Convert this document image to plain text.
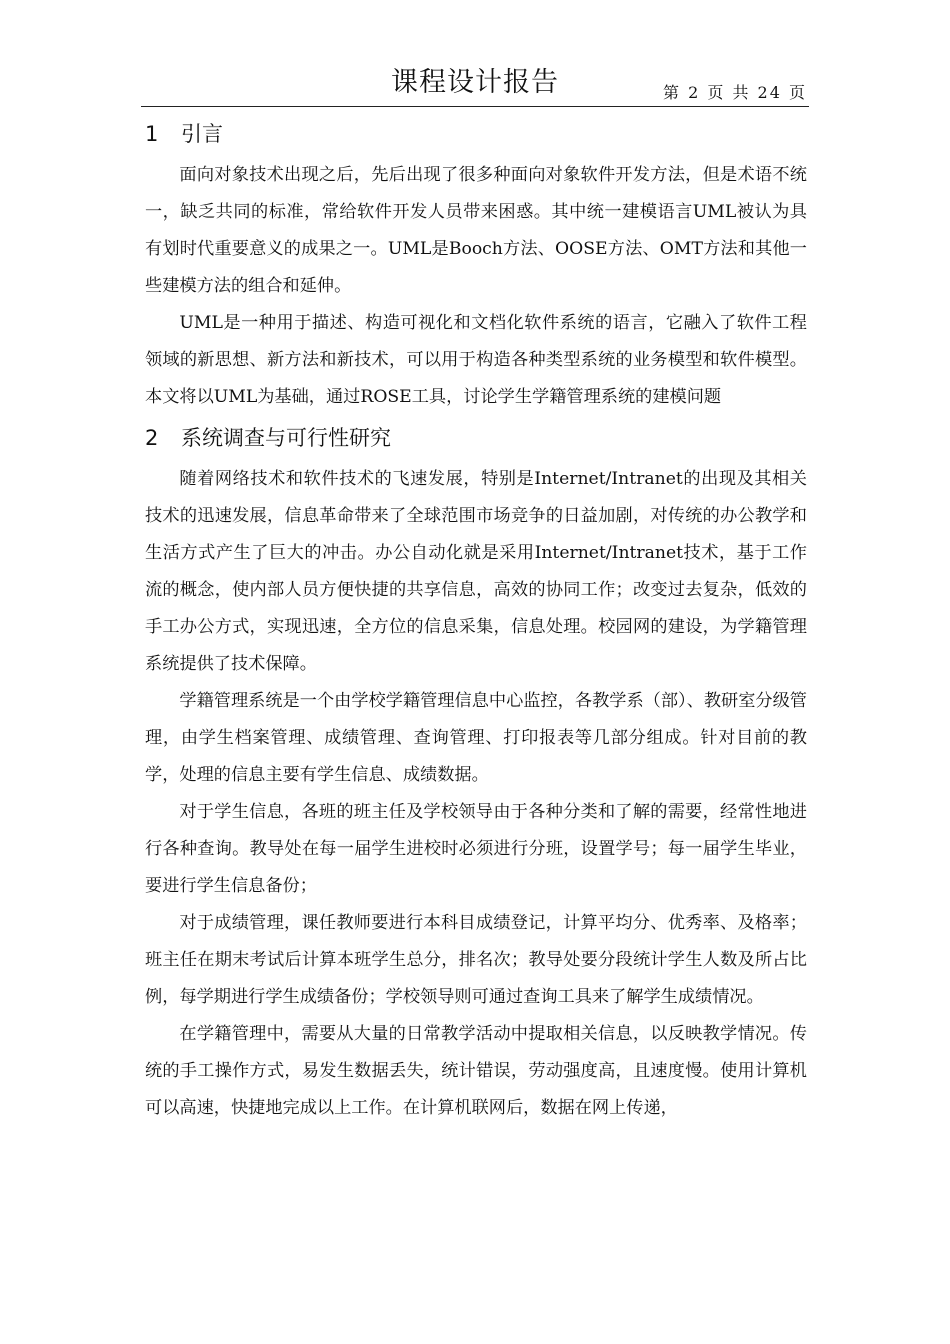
课程设计报告	第 2 页 共 24 页
1 引言

面向对象技术出现之后，先后出现了很多种面向对象软件开发方法，但是术语不统一，缺乏共同的标准，常给软件开发人员带来困惑。其中统一建模语言UML被认为具有划时代重要意义的成果之一。UML是Booch方法、OOSE方法、OMT方法和其他一些建模方法的组合和延伸。

UML是一种用于描述、构造可视化和文档化软件系统的语言，它融入了软件工程领域的新思想、新方法和新技术，可以用于构造各种类型系统的业务模型和软件模型。本文将以UML为基础，通过ROSE工具，讨论学生学籍管理系统的建模问题

2 系统调查与可行性研究

随着网络技术和软件技术的飞速发展，特别是Internet/Intranet的出现及其相关技术的迅速发展，信息革命带来了全球范围市场竞争的日益加剧，对传统的办公教学和生活方式产生了巨大的冲击。办公自动化就是采用Internet/Intranet技术，基于工作流的概念，使内部人员方便快捷的共享信息，高效的协同工作；改变过去复杂，低效的手工办公方式，实现迅速，全方位的信息采集，信息处理。校园网的建设，为学籍管理系统提供了技术保障。

学籍管理系统是一个由学校学籍管理信息中心监控，各教学系（部）、教研室分级管理，由学生档案管理、成绩管理、查询管理、打印报表等几部分组成。针对目前的教学，处理的信息主要有学生信息、成绩数据。

对于学生信息，各班的班主任及学校领导由于各种分类和了解的需要，经常性地进行各种查询。教导处在每一届学生进校时必须进行分班，设置学号；每一届学生毕业，要进行学生信息备份；

对于成绩管理，课任教师要进行本科目成绩登记，计算平均分、优秀率、及格率；班主任在期末考试后计算本班学生总分，排名次；教导处要分段统计学生人数及所占比例，每学期进行学生成绩备份；学校领导则可通过查询工具来了解学生成绩情况。

在学籍管理中，需要从大量的日常教学活动中提取相关信息，以反映教学情况。传统的手工操作方式，易发生数据丢失，统计错误，劳动强度高，且速度慢。使用计算机可以高速，快捷地完成以上工作。在计算机联网后，数据在网上传递，
